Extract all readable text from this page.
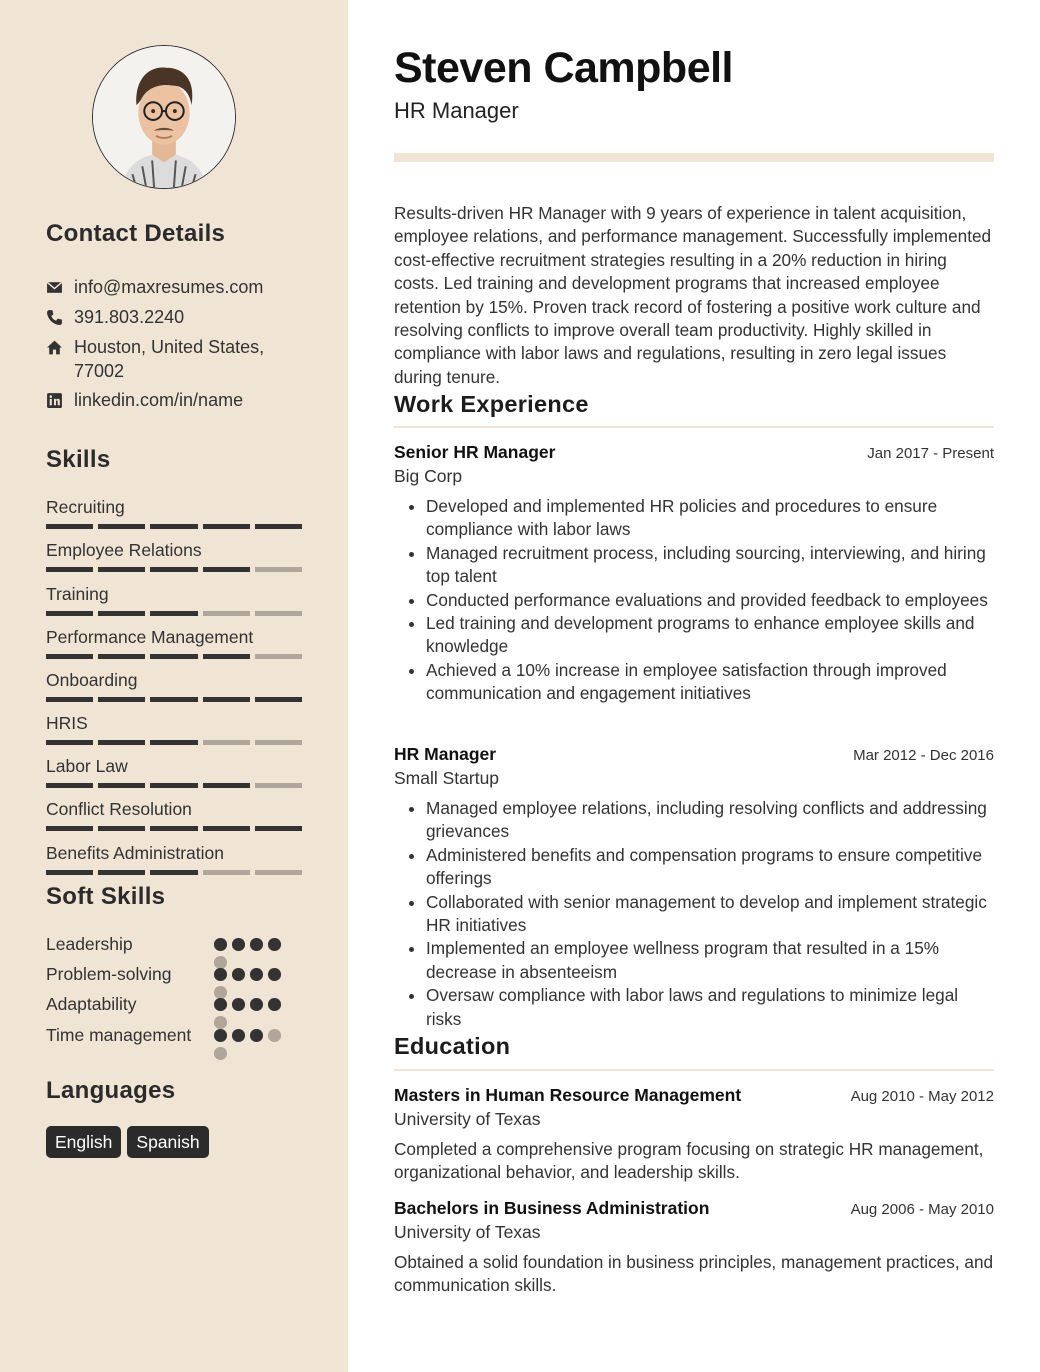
Contact Details
info@maxresumes.com
391.803.2240
Houston, United States, 77002
linkedin.com/in/name
Skills
Recruiting
Employee Relations
Training
Performance Management
Onboarding
HRIS
Labor Law
Conflict Resolution
Benefits Administration
Soft Skills
Leadership
Problem-solving
Adaptability
Time management
Languages
English	Spanish
Steven Campbell
HR Manager
Results-driven HR Manager with 9 years of experience in talent acquisition, employee relations, and performance management. Successfully implemented cost-effective recruitment strategies resulting in a 20% reduction in hiring costs. Led training and development programs that increased employee retention by 15%. Proven track record of fostering a positive work culture and resolving conflicts to improve overall team productivity. Highly skilled in compliance with labor laws and regulations, resulting in zero legal issues during tenure.
Work Experience
Senior HR Manager	Jan 2017 - Present
Big Corp
• Developed and implemented HR policies and procedures to ensure compliance with labor laws
• Managed recruitment process, including sourcing, interviewing, and hiring top talent
• Conducted performance evaluations and provided feedback to employees
• Led training and development programs to enhance employee skills and knowledge
• Achieved a 10% increase in employee satisfaction through improved communication and engagement initiatives
HR Manager	Mar 2012 - Dec 2016
Small Startup
• Managed employee relations, including resolving conflicts and addressing grievances
• Administered benefits and compensation programs to ensure competitive offerings
• Collaborated with senior management to develop and implement strategic HR initiatives
• Implemented an employee wellness program that resulted in a 15% decrease in absenteeism
• Oversaw compliance with labor laws and regulations to minimize legal risks
Education
Masters in Human Resource Management	Aug 2010 - May 2012
University of Texas
Completed a comprehensive program focusing on strategic HR management, organizational behavior, and leadership skills.
Bachelors in Business Administration	Aug 2006 - May 2010
University of Texas
Obtained a solid foundation in business principles, management practices, and communication skills.
